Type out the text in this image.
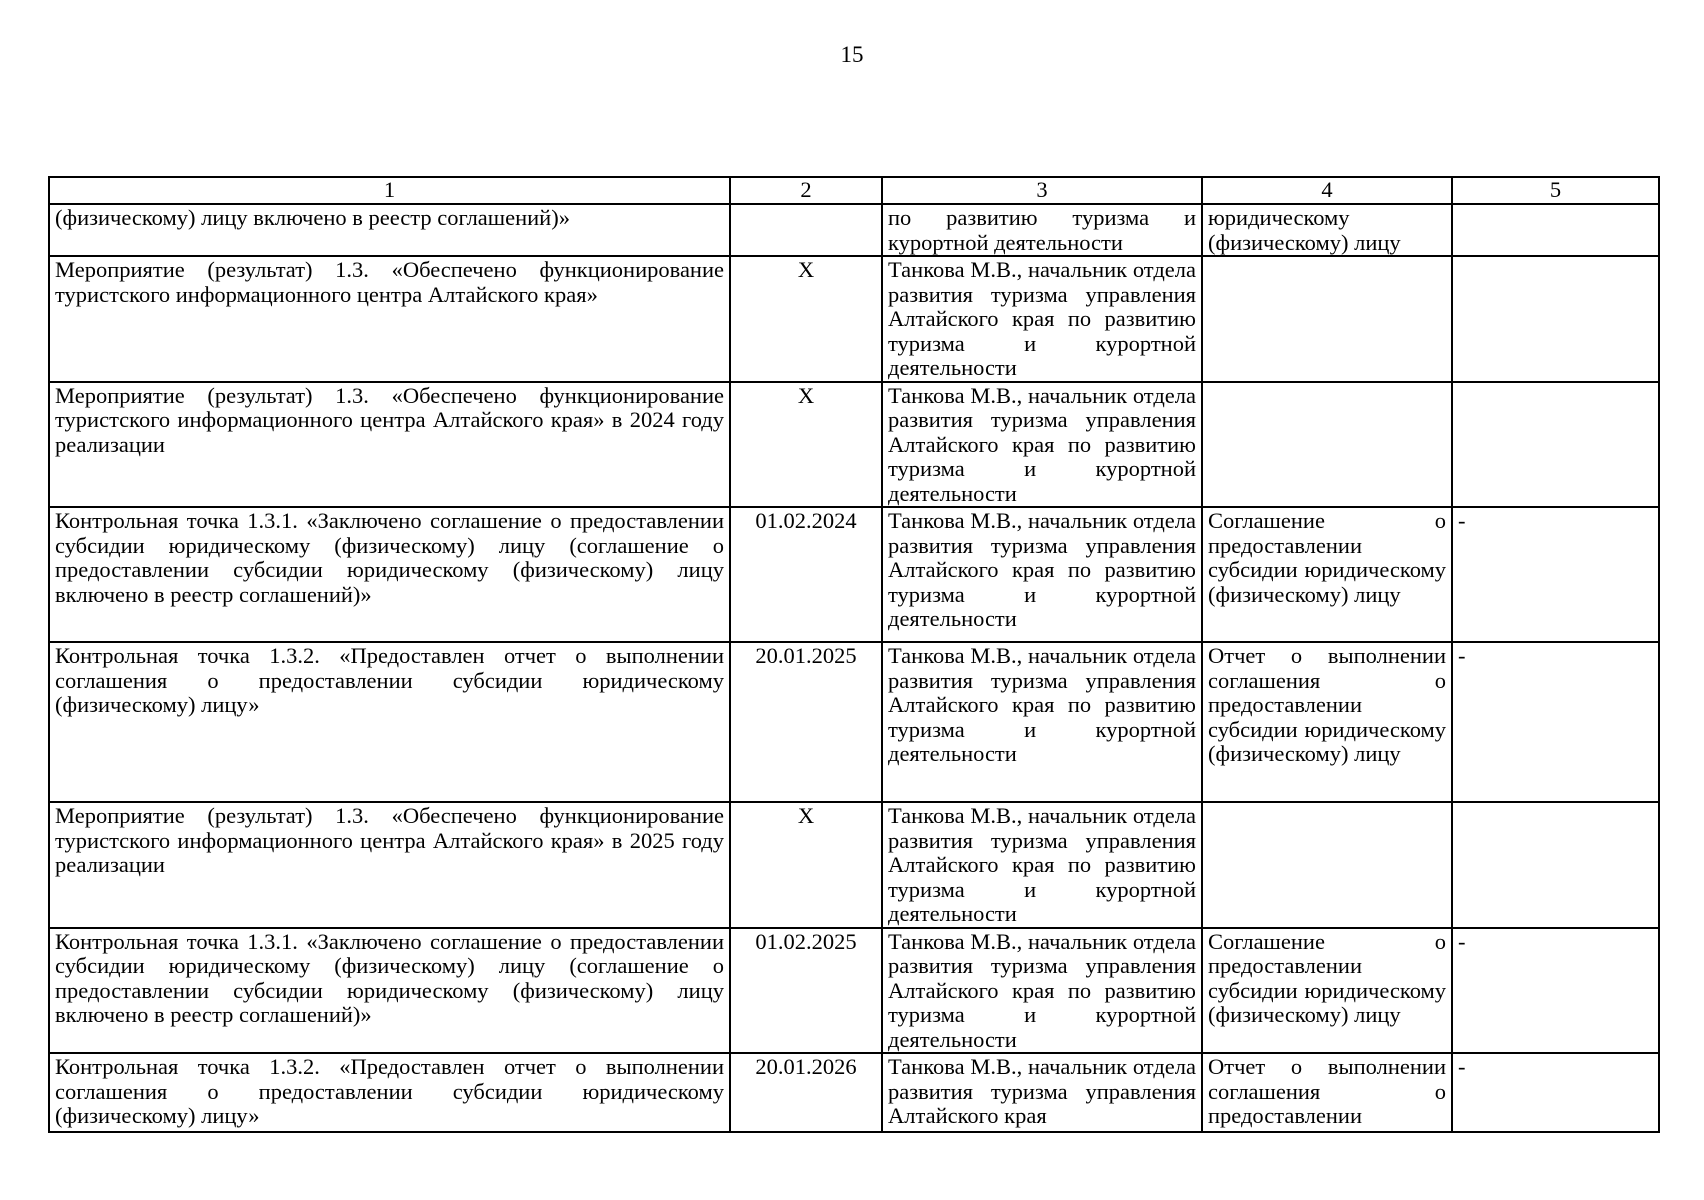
15
1	2	3	4	5
(физическому) лицу включено в реестр соглашений)»		по развитию туризма и курортной деятельности	юридическому (физическому) лицу	
Мероприятие (результат) 1.3. «Обеспечено функционирование туристского информационного центра Алтайского края»	X	Танкова М.В., начальник отдела развития туризма управления Алтайского края по развитию туризма и курортной деятельности		
Мероприятие (результат) 1.3. «Обеспечено функционирование туристского информационного центра Алтайского края» в 2024 году реализации	X	Танкова М.В., начальник отдела развития туризма управления Алтайского края по развитию туризма и курортной деятельности		
Контрольная точка 1.3.1. «Заключено соглашение о предоставлении субсидии юридическому (физическому) лицу (соглашение о предоставлении субсидии юридическому (физическому) лицу включено в реестр соглашений)»	01.02.2024	Танкова М.В., начальник отдела развития туризма управления Алтайского края по развитию туризма и курортной деятельности	Соглашение о предоставлении субсидии юридическому (физическому) лицу	-
Контрольная точка 1.3.2. «Предоставлен отчет о выполнении соглашения о предоставлении субсидии юридическому (физическому) лицу»	20.01.2025	Танкова М.В., начальник отдела развития туризма управления Алтайского края по развитию туризма и курортной деятельности	Отчет о выполнении соглашения о предоставлении субсидии юридическому (физическому) лицу	-
Мероприятие (результат) 1.3. «Обеспечено функционирование туристского информационного центра Алтайского края» в 2025 году реализации	X	Танкова М.В., начальник отдела развития туризма управления Алтайского края по развитию туризма и курортной деятельности		
Контрольная точка 1.3.1. «Заключено соглашение о предоставлении субсидии юридическому (физическому) лицу (соглашение о предоставлении субсидии юридическому (физическому) лицу включено в реестр соглашений)»	01.02.2025	Танкова М.В., начальник отдела развития туризма управления Алтайского края по развитию туризма и курортной деятельности	Соглашение о предоставлении субсидии юридическому (физическому) лицу	-
Контрольная точка 1.3.2. «Предоставлен отчет о выполнении соглашения о предоставлении субсидии юридическому (физическому) лицу»	20.01.2026	Танкова М.В., начальник отдела развития туризма управления Алтайского края	Отчет о выполнении соглашения о предоставлении	-
